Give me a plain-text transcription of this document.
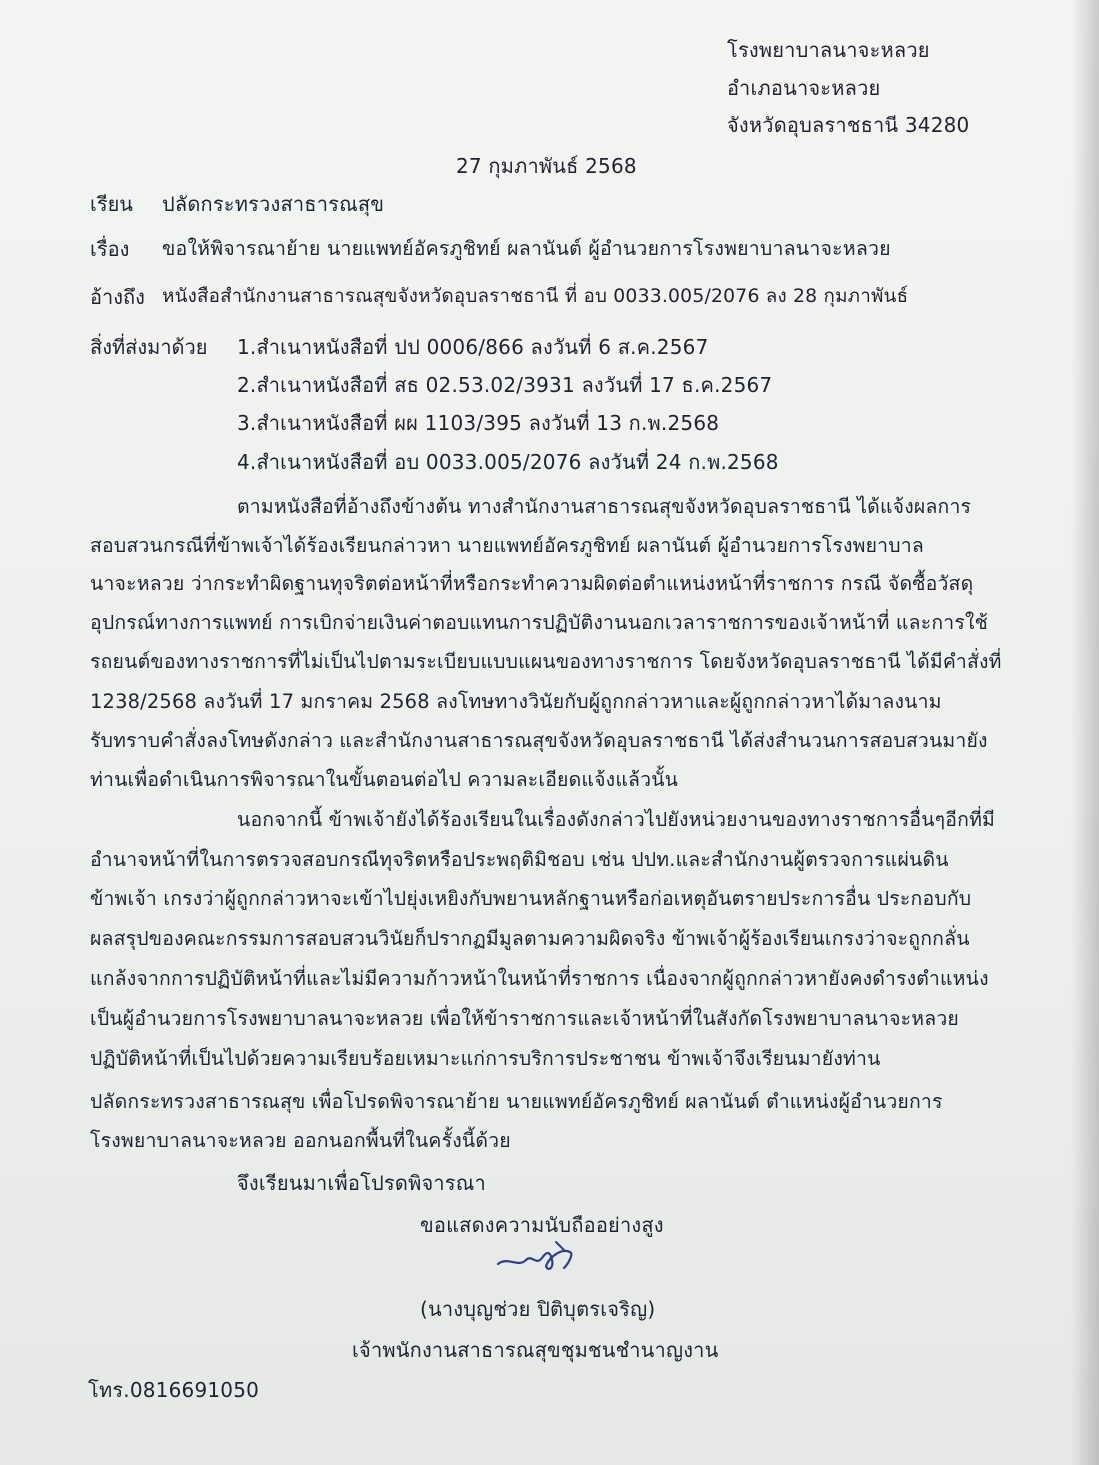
โรงพยาบาลนาจะหลวย
อำเภอนาจะหลวย
จังหวัดอุบลราชธานี 34280
27 กุมภาพันธ์ 2568
เรียน ปลัดกระทรวงสาธารณสุข
เรื่อง ขอให้พิจารณาย้าย นายแพทย์อัครภูชิทย์ ผลานันต์ ผู้อำนวยการโรงพยาบาลนาจะหลวย
อ้างถึง หนังสือสำนักงานสาธารณสุขจังหวัดอุบลราชธานี ที่ อบ 0033.005/2076 ลง 28 กุมภาพันธ์
สิ่งที่ส่งมาด้วย 1.สำเนาหนังสือที่ ปป 0006/866 ลงวันที่ 6 ส.ค.2567
2.สำเนาหนังสือที่ สธ 02.53.02/3931 ลงวันที่ 17 ธ.ค.2567
3.สำเนาหนังสือที่ ผผ 1103/395 ลงวันที่ 13 ก.พ.2568
4.สำเนาหนังสือที่ อบ 0033.005/2076 ลงวันที่ 24 ก.พ.2568
ตามหนังสือที่อ้างถึงข้างต้น ทางสำนักงานสาธารณสุขจังหวัดอุบลราชธานี ได้แจ้งผลการ
สอบสวนกรณีที่ข้าพเจ้าได้ร้องเรียนกล่าวหา นายแพทย์อัครภูชิทย์ ผลานันต์ ผู้อำนวยการโรงพยาบาล
นาจะหลวย ว่ากระทำผิดฐานทุจริตต่อหน้าที่หรือกระทำความผิดต่อตำแหน่งหน้าที่ราชการ กรณี จัดซื้อวัสดุ
อุปกรณ์ทางการแพทย์ การเบิกจ่ายเงินค่าตอบแทนการปฏิบัติงานนอกเวลาราชการของเจ้าหน้าที่ และการใช้
รถยนต์ของทางราชการที่ไม่เป็นไปตามระเบียบแบบแผนของทางราชการ โดยจังหวัดอุบลราชธานี ได้มีคำสั่งที่
1238/2568 ลงวันที่ 17 มกราคม 2568 ลงโทษทางวินัยกับผู้ถูกกล่าวหาและผู้ถูกกล่าวหาได้มาลงนาม
รับทราบคำสั่งลงโทษดังกล่าว และสำนักงานสาธารณสุขจังหวัดอุบลราชธานี ได้ส่งสำนวนการสอบสวนมายัง
ท่านเพื่อดำเนินการพิจารณาในขั้นตอนต่อไป ความละเอียดแจ้งแล้วนั้น
นอกจากนี้ ข้าพเจ้ายังได้ร้องเรียนในเรื่องดังกล่าวไปยังหน่วยงานของทางราชการอื่นๆอีกที่มี
อำนาจหน้าที่ในการตรวจสอบกรณีทุจริตหรือประพฤติมิชอบ เช่น ปปท.และสำนักงานผู้ตรวจการแผ่นดิน
ข้าพเจ้า เกรงว่าผู้ถูกกล่าวหาจะเข้าไปยุ่งเหยิงกับพยานหลักฐานหรือก่อเหตุอันตรายประการอื่น ประกอบกับ
ผลสรุปของคณะกรรมการสอบสวนวินัยก็ปรากฏมีมูลตามความผิดจริง ข้าพเจ้าผู้ร้องเรียนเกรงว่าจะถูกกลั่น
แกล้งจากการปฏิบัติหน้าที่และไม่มีความก้าวหน้าในหน้าที่ราชการ เนื่องจากผู้ถูกกล่าวหายังคงดำรงตำแหน่ง
เป็นผู้อำนวยการโรงพยาบาลนาจะหลวย เพื่อให้ข้าราชการและเจ้าหน้าที่ในสังกัดโรงพยาบาลนาจะหลวย
ปฏิบัติหน้าที่เป็นไปด้วยความเรียบร้อยเหมาะแก่การบริการประชาชน ข้าพเจ้าจึงเรียนมายังท่าน
ปลัดกระทรวงสาธารณสุข เพื่อโปรดพิจารณาย้าย นายแพทย์อัครภูชิทย์ ผลานันต์ ตำแหน่งผู้อำนวยการ
โรงพยาบาลนาจะหลวย ออกนอกพื้นที่ในครั้งนี้ด้วย
จึงเรียนมาเพื่อโปรดพิจารณา
ขอแสดงความนับถืออย่างสูง
(นางบุญช่วย ปิติบุตรเจริญ)
เจ้าพนักงานสาธารณสุขชุมชนชำนาญงาน
โทร.0816691050
